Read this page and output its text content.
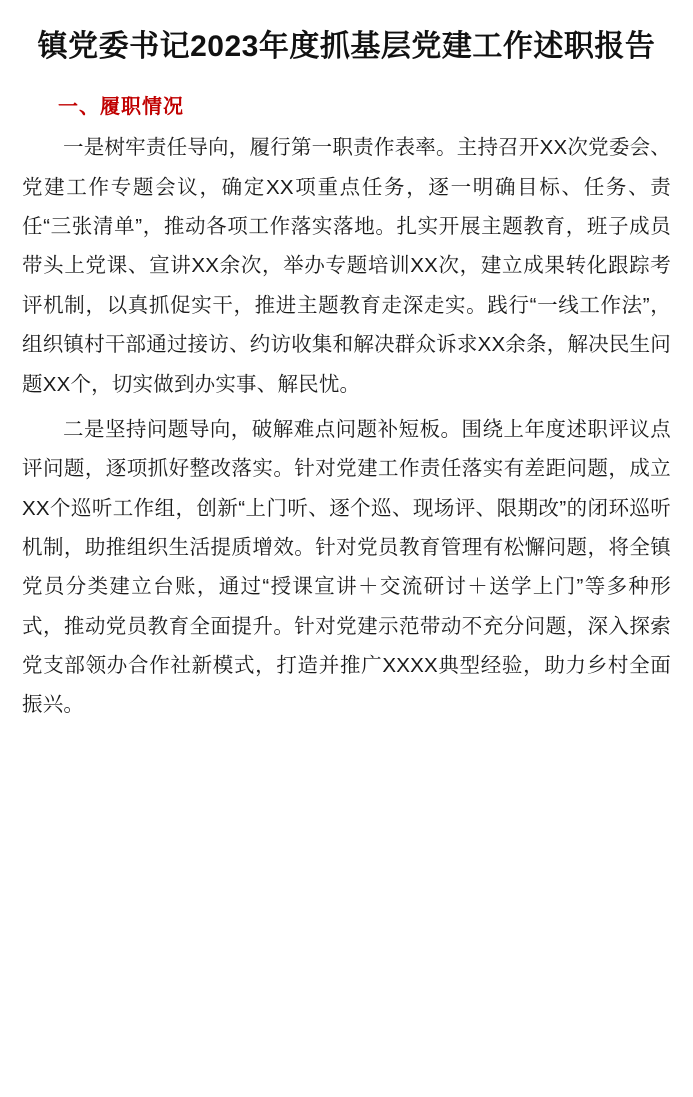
镇党委书记2023年度抓基层党建工作述职报告
一、履职情况

一是树牢责任导向，履行第一职责作表率。主持召开XX次党委会、党建工作专题会议，确定XX项重点任务，逐一明确目标、任务、责任“三张清单”，推动各项工作落实落地。扎实开展主题教育，班子成员带头上党课、宣讲XX余次，举办专题培训XX次，建立成果转化跟踪考评机制，以真抓促实干，推进主题教育走深走实。践行“一线工作法”，组织镇村干部通过接访、约访收集和解决群众诉求XX余条，解决民生问题XX个，切实做到办实事、解民忧。

二是坚持问题导向，破解难点问题补短板。围绕上年度述职评议点评问题，逐项抓好整改落实。针对党建工作责任落实有差距问题，成立XX个巡听工作组，创新“上门听、逐个巡、现场评、限期改”的闭环巡听机制，助推组织生活提质增效。针对党员教育管理有松懈问题，将全镇党员分类建立台账，通过“授课宣讲＋交流研讨＋送学上门”等多种形式，推动党员教育全面提升。针对党建示范带动不充分问题，深入探索党支部领办合作社新模式，打造并推广XXXX典型经验，助力乡村全面振兴。
